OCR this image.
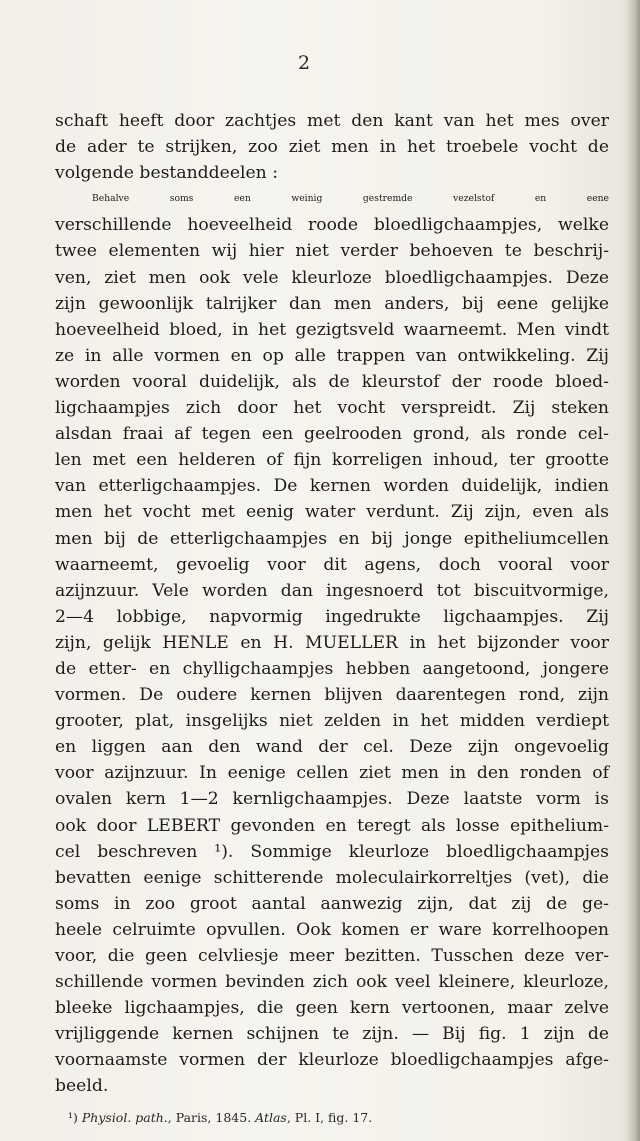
2
schaft heeft door zachtjes met den kant van het mes over
de ader te strijken, zoo ziet men in het troebele vocht de
volgende bestanddeelen :
Behalve soms een weinig gestremde vezelstof en eene
verschillende hoeveelheid roode bloedligchaampjes, welke
twee elementen wij hier niet verder behoeven te beschrij-
ven, ziet men ook vele kleurloze bloedligchaampjes. Deze
zijn gewoonlijk talrijker dan men anders, bij eene gelijke
hoeveelheid bloed, in het gezigtsveld waarneemt. Men vindt
ze in alle vormen en op alle trappen van ontwikkeling. Zij
worden vooral duidelijk, als de kleurstof der roode bloed-
ligchaampjes zich door het vocht verspreidt. Zij steken
alsdan fraai af tegen een geelrooden grond, als ronde cel-
len met een helderen of fijn korreligen inhoud, ter grootte
van etterligchaampjes. De kernen worden duidelijk, indien
men het vocht met eenig water verdunt. Zij zijn, even als
men bij de etterligchaampjes en bij jonge epitheliumcellen
waarneemt, gevoelig voor dit agens, doch vooral voor
azijnzuur. Vele worden dan ingesnoerd tot biscuitvormige,
2—4 lobbige, napvormig ingedrukte ligchaampjes. Zij
zijn, gelijk HENLE en H. MUELLER in het bijzonder voor
de etter- en chylligchaampjes hebben aangetoond, jongere
vormen. De oudere kernen blijven daarentegen rond, zijn
grooter, plat, insgelijks niet zelden in het midden verdiept
en liggen aan den wand der cel. Deze zijn ongevoelig
voor azijnzuur. In eenige cellen ziet men in den ronden of
ovalen kern 1—2 kernligchaampjes. Deze laatste vorm is
ook door LEBERT gevonden en teregt als losse epithelium-
cel beschreven ¹). Sommige kleurloze bloedligchaampjes
bevatten eenige schitterende moleculairkorreltjes (vet), die
soms in zoo groot aantal aanwezig zijn, dat zij de ge-
heele celruimte opvullen. Ook komen er ware korrelhoopen
voor, die geen celvliesje meer bezitten. Tusschen deze ver-
schillende vormen bevinden zich ook veel kleinere, kleurloze,
bleeke ligchaampjes, die geen kern vertoonen, maar zelve
vrijliggende kernen schijnen te zijn. — Bij fig. 1 zijn de
voornaamste vormen der kleurloze bloedligchaampjes afge-
beeld.
¹) Physiol. path., Paris, 1845. Atlas, Pl. I, fig. 17.
